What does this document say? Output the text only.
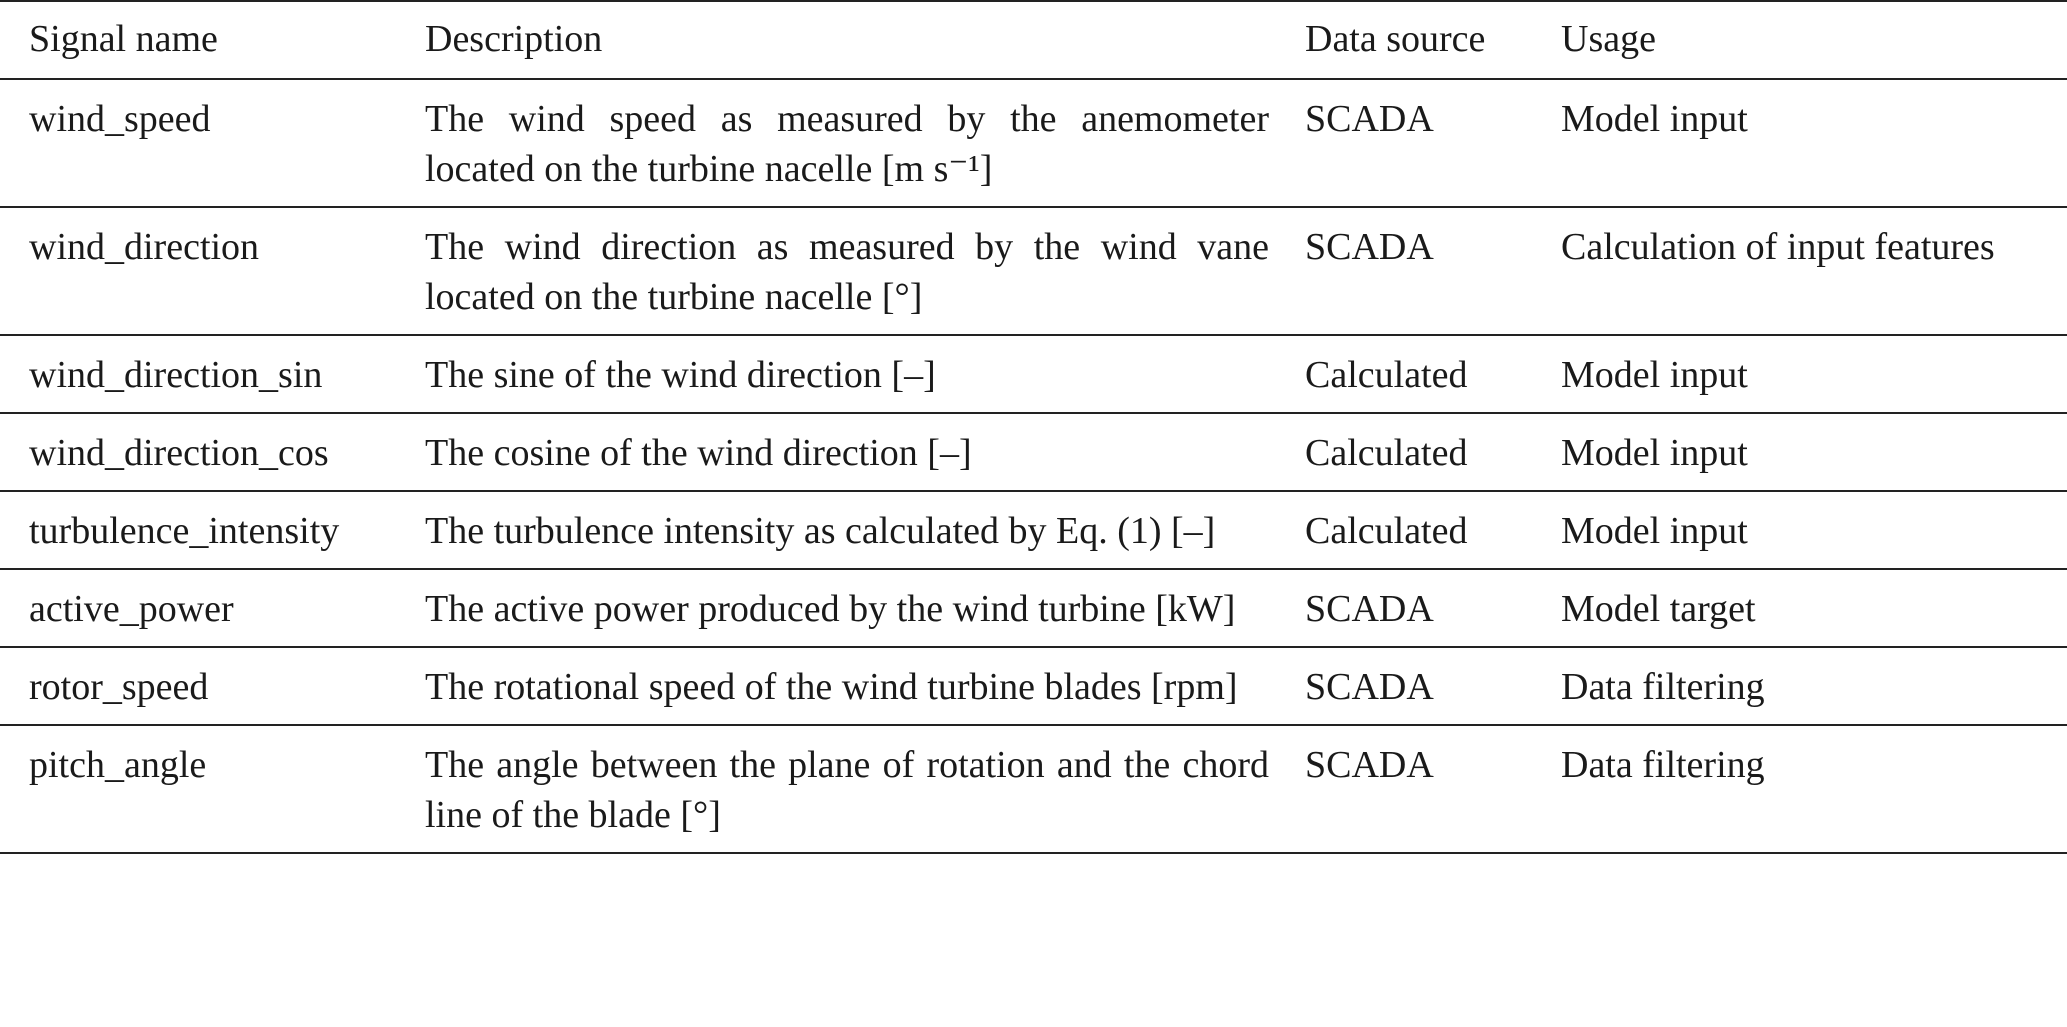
Signal name	Description	Data source	Usage
wind_speed	The wind speed as measured by the anemometer located on the turbine nacelle [m s⁻¹]	SCADA	Model input
wind_direction	The wind direction as measured by the wind vane located on the turbine nacelle [°]	SCADA	Calculation of input features
wind_direction_sin	The sine of the wind direction [–]	Calculated	Model input
wind_direction_cos	The cosine of the wind direction [–]	Calculated	Model input
turbulence_intensity	The turbulence intensity as calculated by Eq. (1) [–]	Calculated	Model input
active_power	The active power produced by the wind turbine [kW]	SCADA	Model target
rotor_speed	The rotational speed of the wind turbine blades [rpm]	SCADA	Data filtering
pitch_angle	The angle between the plane of rotation and the chord line of the blade [°]	SCADA	Data filtering
